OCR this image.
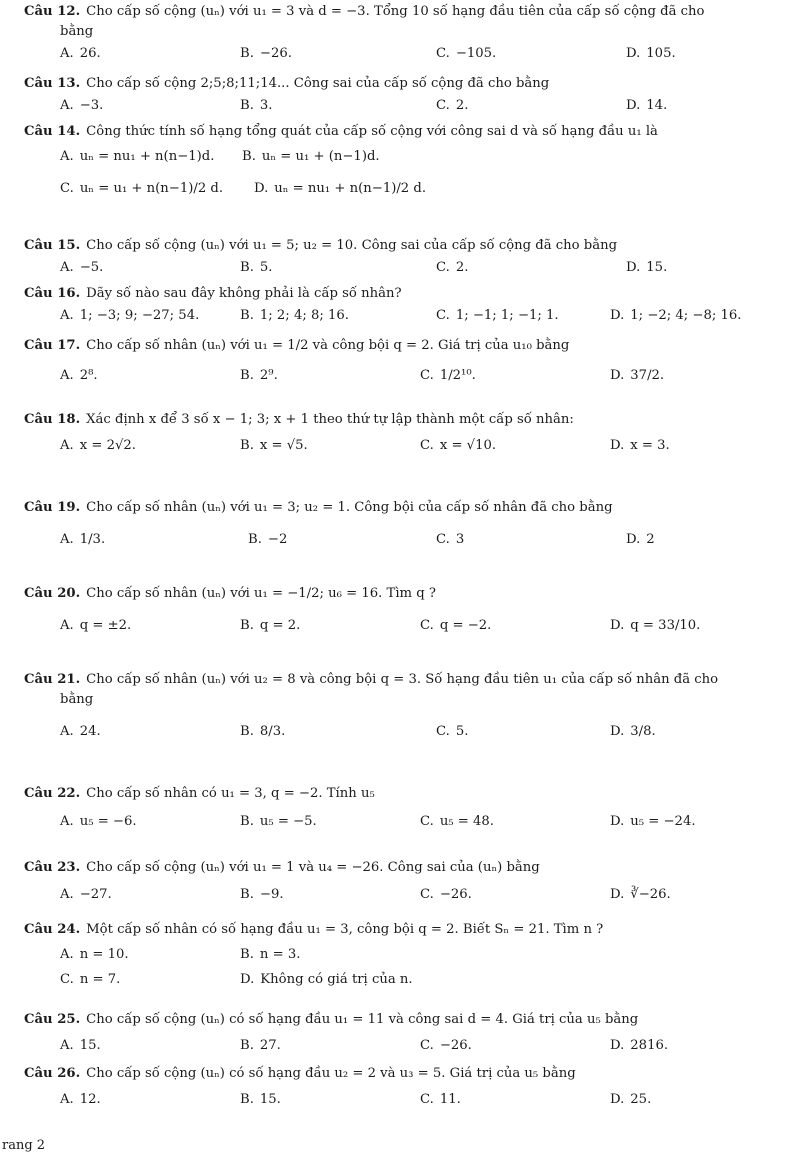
Câu 12. Cho cấp số cộng (uₙ) với u₁ = 3 và d = −3. Tổng 10 số hạng đầu tiên của cấp số cộng đã cho
bằng
A. 26.	B. −26.	C. −105.	D. 105.
Câu 13. Cho cấp số cộng 2;5;8;11;14... Công sai của cấp số cộng đã cho bằng
A. −3.	B. 3.	C. 2.	D. 14.
Câu 14. Công thức tính số hạng tổng quát của cấp số cộng với công sai d và số hạng đầu u₁ là
A. uₙ = nu₁ + n(n−1)d. B. uₙ = u₁ + (n−1)d.
C. uₙ = u₁ + n(n−1)/2 d. D. uₙ = nu₁ + n(n−1)/2 d.
Câu 15. Cho cấp số cộng (uₙ) với u₁ = 5; u₂ = 10. Công sai của cấp số cộng đã cho bằng
A. −5.	B. 5.	C. 2.	D. 15.
Câu 16. Dãy số nào sau đây không phải là cấp số nhân?
A. 1; −3; 9; −27; 54.	B. 1; 2; 4; 8; 16.	C. 1; −1; 1; −1; 1.	D. 1; −2; 4; −8; 16.
Câu 17. Cho cấp số nhân (uₙ) với u₁ = 1/2 và công bội q = 2. Giá trị của u₁₀ bằng
A. 2⁸.	B. 2⁹.	C. 1/2¹⁰.	D. 37/2.
Câu 18. Xác định x để 3 số x − 1; 3; x + 1 theo thứ tự lập thành một cấp số nhân:
A. x = 2√2.	B. x = √5.	C. x = √10.	D. x = 3.
Câu 19. Cho cấp số nhân (uₙ) với u₁ = 3; u₂ = 1. Công bội của cấp số nhân đã cho bằng
A. 1/3.	B. −2	C. 3	D. 2
Câu 20. Cho cấp số nhân (uₙ) với u₁ = −1/2; u₆ = 16. Tìm q ?
A. q = ±2.	B. q = 2.	C. q = −2.	D. q = 33/10.
Câu 21. Cho cấp số nhân (uₙ) với u₂ = 8 và công bội q = 3. Số hạng đầu tiên u₁ của cấp số nhân đã cho
bằng
A. 24.	B. 8/3.	C. 5.	D. 3/8.
Câu 22. Cho cấp số nhân có u₁ = 3, q = −2. Tính u₅
A. u₅ = −6.	B. u₅ = −5.	C. u₅ = 48.	D. u₅ = −24.
Câu 23. Cho cấp số cộng (uₙ) với u₁ = 1 và u₄ = −26. Công sai của (uₙ) bằng
A. −27.	B. −9.	C. −26.	D. ∛−26.
Câu 24. Một cấp số nhân có số hạng đầu u₁ = 3, công bội q = 2. Biết Sₙ = 21. Tìm n ?
A. n = 10.	B. n = 3.
C. n = 7.	D. Không có giá trị của n.
Câu 25. Cho cấp số cộng (uₙ) có số hạng đầu u₁ = 11 và công sai d = 4. Giá trị của u₅ bằng
A. 15.	B. 27.	C. −26.	D. 2816.
Câu 26. Cho cấp số cộng (uₙ) có số hạng đầu u₂ = 2 và u₃ = 5. Giá trị của u₅ bằng
A. 12.	B. 15.	C. 11.	D. 25.
rang 2
